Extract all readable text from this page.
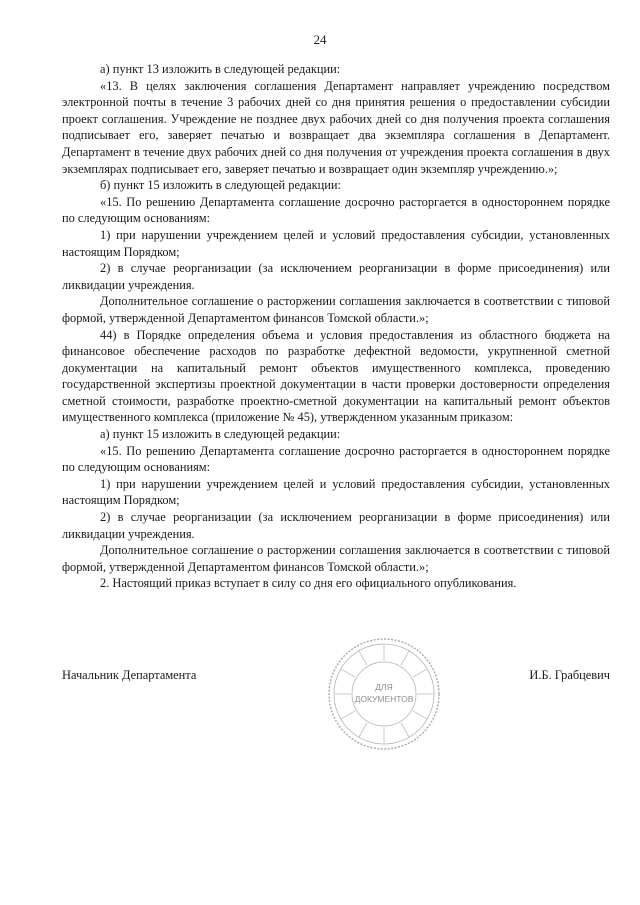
24

а) пункт 13 изложить в следующей редакции:

«13. В целях заключения соглашения Департамент направляет учреждению посредством электронной почты в течение 3 рабочих дней со дня принятия решения о предоставлении субсидии проект соглашения. Учреждение не позднее двух рабочих дней со дня получения проекта соглашения подписывает его, заверяет печатью и возвращает два экземпляра соглашения в Департамент. Департамент в течение двух рабочих дней со дня получения от учреждения проекта соглашения в двух экземплярах подписывает его, заверяет печатью и возвращает один экземпляр учреждению.»;

б) пункт 15 изложить в следующей редакции:

«15. По решению Департамента соглашение досрочно расторгается в одностороннем порядке по следующим основаниям:

1) при нарушении учреждением целей и условий предоставления субсидии, установленных настоящим Порядком;

2) в случае реорганизации (за исключением реорганизации в форме присоединения) или ликвидации учреждения.

Дополнительное соглашение о расторжении соглашения заключается в соответствии с типовой формой, утвержденной Департаментом финансов Томской области.»;

44) в Порядке определения объема и условия предоставления из областного бюджета на финансовое обеспечение расходов по разработке дефектной ведомости, укрупненной сметной документации на капитальный ремонт объектов имущественного комплекса, проведению государственной экспертизы проектной документации в части проверки достоверности определения сметной стоимости, разработке проектно-сметной документации на капитальный ремонт объектов имущественного комплекса (приложение № 45), утвержденном указанным приказом:

а) пункт 15 изложить в следующей редакции:

«15. По решению Департамента соглашение досрочно расторгается в одностороннем порядке по следующим основаниям:

1) при нарушении учреждением целей и условий предоставления субсидии, установленных настоящим Порядком;

2) в случае реорганизации (за исключением реорганизации в форме присоединения) или ликвидации учреждения.

Дополнительное соглашение о расторжении соглашения заключается в соответствии с типовой формой, утвержденной Департаментом финансов Томской области.»;

2. Настоящий приказ вступает в силу со дня его официального опубликования.

Начальник Департамента	И.Б. Грабцевич
ДЛЯ
ДОКУМЕНТОВ
